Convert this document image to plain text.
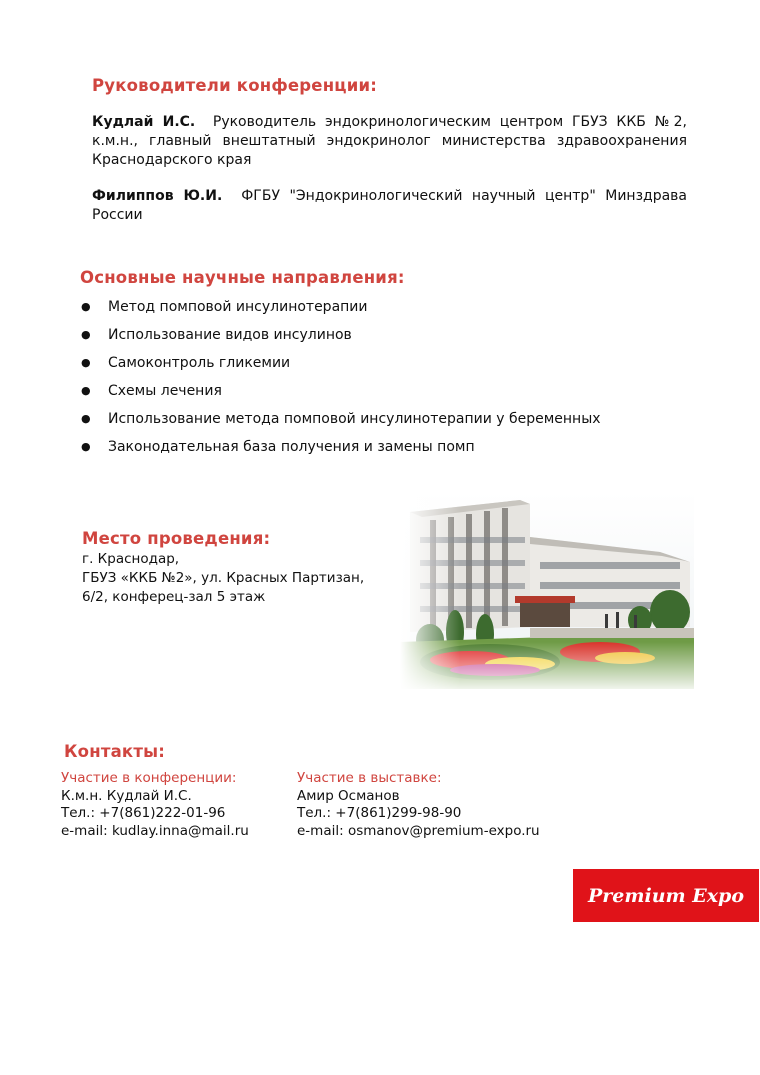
Руководители конференции:
Кудлай И.С. Руководитель эндокринологическим центром ГБУЗ ККБ №2, к.м.н., главный внештатный эндокринолог министерства здравоохранения Краснодарского края
Филиппов Ю.И. ФГБУ "Эндокринологический научный центр" Минздрава России
Основные научные направления:
● Метод помповой инсулинотерапии
● Использование видов инсулинов
● Самоконтроль гликемии
● Схемы лечения
● Использование метода помповой инсулинотерапии у беременных
● Законодательная база получения и замены помп
Место проведения:
г. Краснодар,
ГБУЗ «ККБ №2», ул. Красных Партизан,
6/2, конферец-зал 5 этаж
Контакты:
Участие в конференции:
К.м.н. Кудлай И.С.
Тел.: +7(861)222-01-96
e-mail: kudlay.inna@mail.ru
Участие в выставке:
Амир Османов
Тел.: +7(861)299-98-90
e-mail: osmanov@premium-expo.ru
Premium Expo
